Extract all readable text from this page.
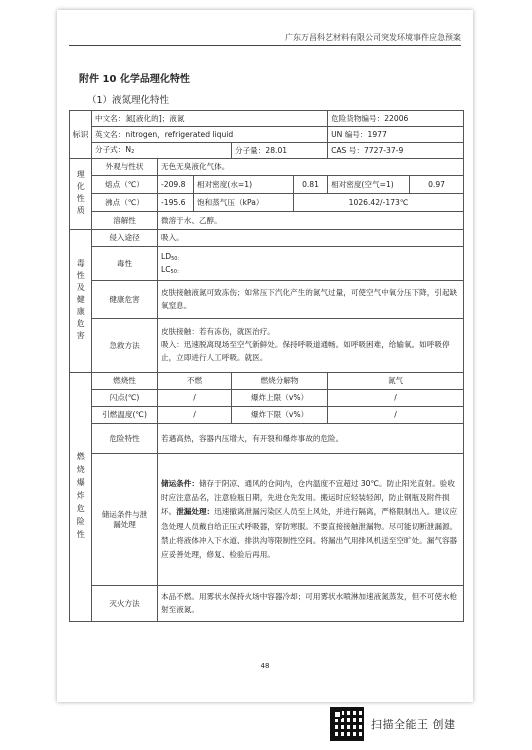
广东万昌科艺材料有限公司突发环境事件应急预案
附件 10 化学品理化特性
（1）液氮理化特性
标识	中文名：氮[液化的]；液氮					危险货物编号：22006	
	英文名：nitrogen，refrigerated liquid					UN 编号：1977	
	分子式：$N_2$			分子量：28.01		CAS 号：7727-37-9	
理化性质	外观与性状	无色无臭液化气体。					
	熔点（℃）	-209.8	相对密度(水=1)		0.81	相对密度(空气=1)	0.97
	沸点（℃）	-195.6	饱和蒸气压（kPa）		1026.42/-173℃		
	溶解性	微溶于水、乙醇。					
毒性及健康危害	侵入途径	吸入。					
	毒性	$LD_{50:}$
$LC_{50:}$

	健康危害	皮肤接触液氮可致冻伤；如常压下汽化产生的氮气过量，可使空气中氧分压下降，引起缺氧窒息。					
	急救方法	皮肤接触：若有冻伤，就医治疗。
吸入：迅速脱离现场至空气新鲜处。保持呼吸道通畅。如呼吸困难，给输氧。如呼吸停止，立即进行人工呼吸。就医。					

燃烧爆炸危险性	燃烧性	不燃		燃烧分解物		氮气	
	闪点(℃)	/		爆炸上限（v%）		/	
	引燃温度(℃)	/		爆炸下限（v%）		/	
	危险特性	若遇高热，容器内压增大，有开裂和爆炸事故的危险。					
	储运条件与泄漏处理	储运条件：储存于阴凉、通风的仓间内，仓内温度不宜超过 30℃。防止阳光直射。验收时应注意品名，注意验瓶日期，先进仓先发用。搬运时应轻装轻卸，防止钢瓶及附件损坏。泄漏处理：迅速撤离泄漏污染区人员至上风处，并进行隔离，严格限制出入。建议应急处理人员戴自给正压式呼吸器，穿防寒服。不要直接接触泄漏物。尽可能切断泄漏源。禁止将液体冲入下水道、排洪沟等限制性空间。将漏出气用排风机送至空旷处。漏气容器应妥善处理，修复、检验后再用。					
	灭火方法	本品不燃。用雾状水保持火场中容器冷却；可用雾状水喷淋加速液氮蒸发，但不可使水枪射至液氮。					
48
扫描全能王 创建
